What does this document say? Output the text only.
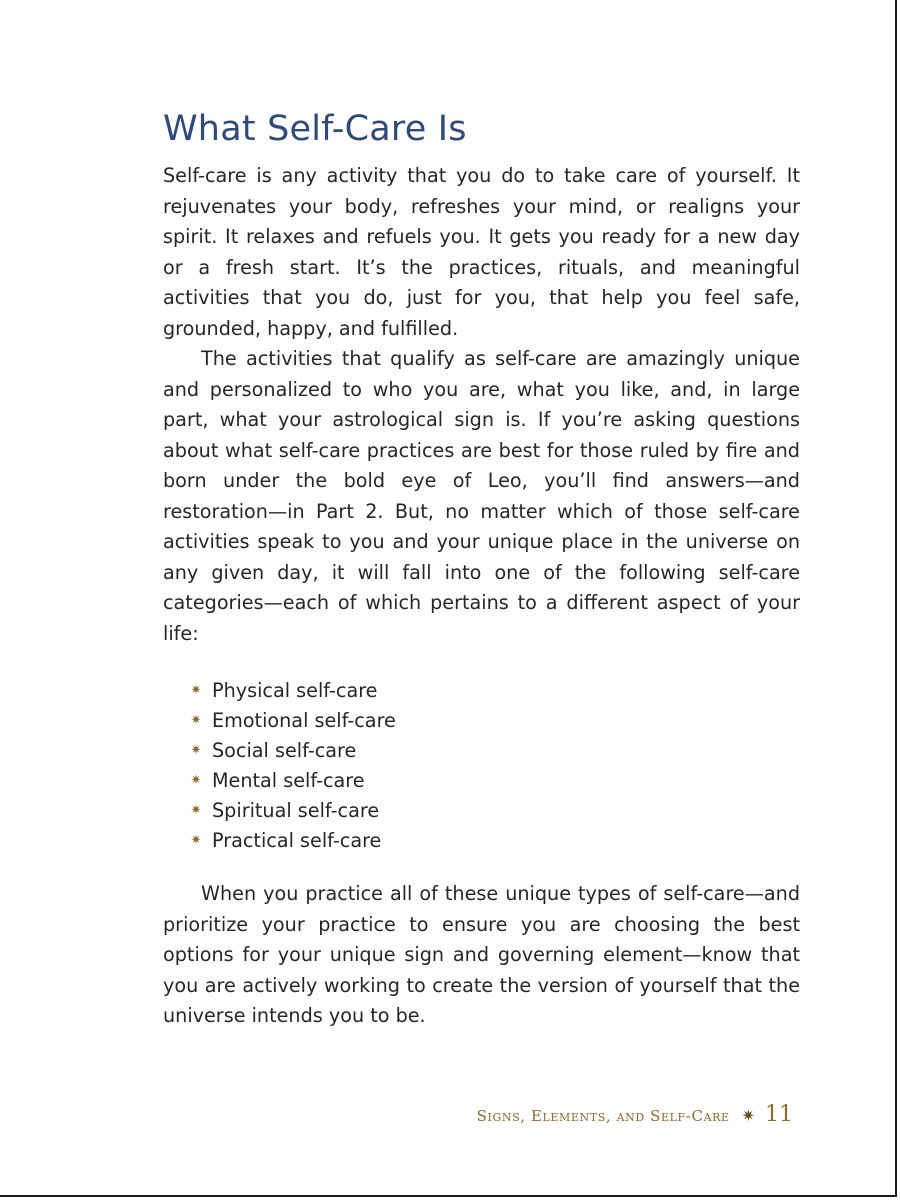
What Self-Care Is

Self-care is any activity that you do to take care of yourself. It rejuvenates your body, refreshes your mind, or realigns your spirit. It relaxes and refuels you. It gets you ready for a new day or a fresh start. It’s the practices, rituals, and meaningful activities that you do, just for you, that help you feel safe, grounded, happy, and fulfilled.

The activities that qualify as self-care are amazingly unique and personalized to who you are, what you like, and, in large part, what your astrological sign is. If you’re asking questions about what self-care practices are best for those ruled by fire and born under the bold eye of Leo, you’ll find answers—and restoration—in Part 2. But, no matter which of those self-care activities speak to you and your unique place in the universe on any given day, it will fall into one of the following self-care categories—each of which pertains to a different aspect of your life:

✷ Physical self-care
✷ Emotional self-care
✷ Social self-care
✷ Mental self-care
✷ Spiritual self-care
✷ Practical self-care

When you practice all of these unique types of self-care—and prioritize your practice to ensure you are choosing the best options for your unique sign and governing element—know that you are actively working to create the version of yourself that the universe intends you to be.

Signs, Elements, and Self-Care ✷ 11
